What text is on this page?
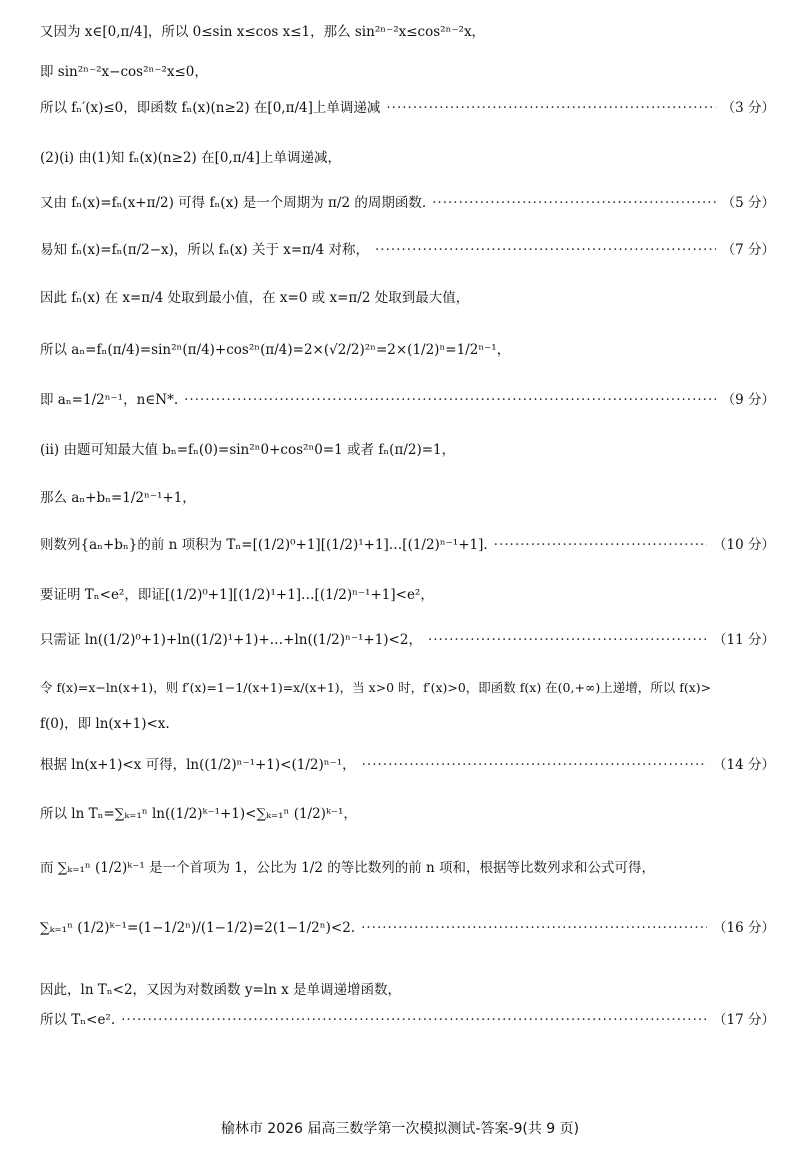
又因为 x∈[0,π/4]，所以 0≤sin x≤cos x≤1，那么 sin²ⁿ⁻²x≤cos²ⁿ⁻²x，
即 sin²ⁿ⁻²x−cos²ⁿ⁻²x≤0，
所以 fₙ′(x)≤0，即函数 fₙ(x)(n≥2) 在[0,π/4]上单调递减 ·····	（3 分）
(2)(i) 由(1)知 fₙ(x)(n≥2) 在[0,π/4]上单调递减，
又由 fₙ(x)=fₙ(x+π/2) 可得 fₙ(x) 是一个周期为 π/2 的周期函数. ·····	（5 分）
易知 fₙ(x)=fₙ(π/2−x)，所以 fₙ(x) 关于 x=π/4 对称， ·····	（7 分）
因此 fₙ(x) 在 x=π/4 处取到最小值，在 x=0 或 x=π/2 处取到最大值，
所以 aₙ=fₙ(π/4)=sin²ⁿ(π/4)+cos²ⁿ(π/4)=2×(√2/2)²ⁿ=2×(1/2)ⁿ=1/2ⁿ⁻¹，
即 aₙ=1/2ⁿ⁻¹，n∈N*. ·····	（9 分）
(ii) 由题可知最大值 bₙ=fₙ(0)=sin²ⁿ0+cos²ⁿ0=1 或者 fₙ(π/2)=1，
那么 aₙ+bₙ=1/2ⁿ⁻¹+1，
则数列{aₙ+bₙ}的前 n 项积为 Tₙ=[(1/2)⁰+1][(1/2)¹+1]…[(1/2)ⁿ⁻¹+1]. ·····	（10 分）
要证明 Tₙ<e²，即证[(1/2)⁰+1][(1/2)¹+1]…[(1/2)ⁿ⁻¹+1]<e²，
只需证 ln((1/2)⁰+1)+ln((1/2)¹+1)+…+ln((1/2)ⁿ⁻¹+1)<2， ·····	（11 分）
令 f(x)=x−ln(x+1)，则 f′(x)=1−1/(x+1)=x/(x+1)，当 x>0 时，f′(x)>0，即函数 f(x) 在(0,+∞)上递增，所以 f(x)>
f(0)，即 ln(x+1)<x.
根据 ln(x+1)<x 可得，ln((1/2)ⁿ⁻¹+1)<(1/2)ⁿ⁻¹， ·····	（14 分）
所以 ln Tₙ=∑ₖ₌₁ⁿ ln((1/2)ᵏ⁻¹+1)<∑ₖ₌₁ⁿ (1/2)ᵏ⁻¹，
而 ∑ₖ₌₁ⁿ (1/2)ᵏ⁻¹ 是一个首项为 1，公比为 1/2 的等比数列的前 n 项和，根据等比数列求和公式可得，
∑ₖ₌₁ⁿ (1/2)ᵏ⁻¹=(1−1/2ⁿ)/(1−1/2)=2(1−1/2ⁿ)<2. ·····	（16 分）
因此，ln Tₙ<2，又因为对数函数 y=ln x 是单调递增函数，
所以 Tₙ<e². ·····	（17 分）
榆林市 2026 届高三数学第一次模拟测试-答案-9(共 9 页)
